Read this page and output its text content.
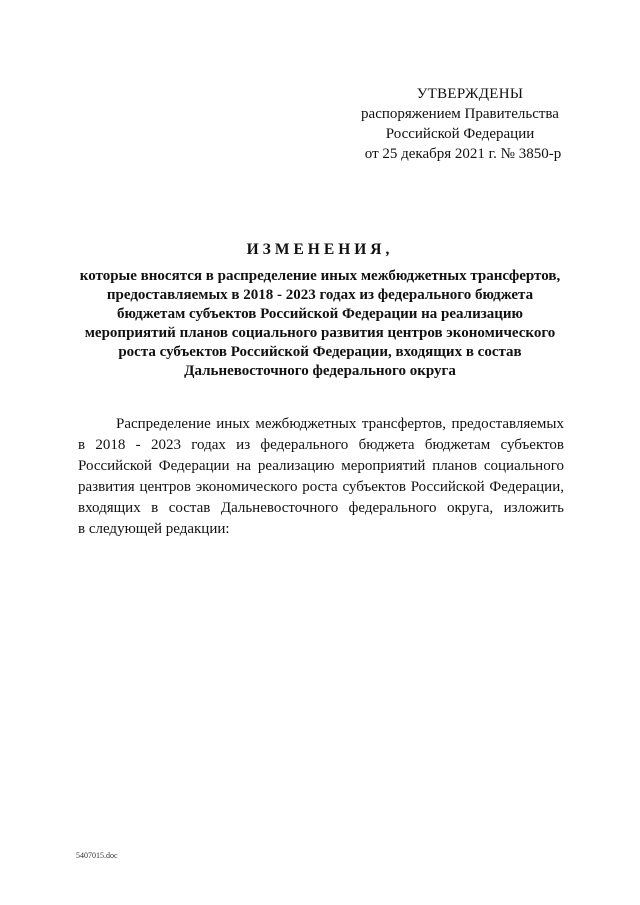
УТВЕРЖДЕНЫ
распоряжением Правительства
Российской Федерации
от 25 декабря 2021 г. № 3850-р
ИЗМЕНЕНИЯ,
которые вносятся в распределение иных межбюджетных трансфертов,
предоставляемых в 2018 - 2023 годах из федерального бюджета
бюджетам субъектов Российской Федерации на реализацию
мероприятий планов социального развития центров экономического
роста субъектов Российской Федерации, входящих в состав
Дальневосточного федерального округа
Распределение иных межбюджетных трансфертов, предоставляемых
в 2018 - 2023 годах из федерального бюджета бюджетам субъектов
Российской Федерации на реализацию мероприятий планов социального
развития центров экономического роста субъектов Российской Федерации,
входящих в состав Дальневосточного федерального округа, изложить
в следующей редакции:
5407015.doc
